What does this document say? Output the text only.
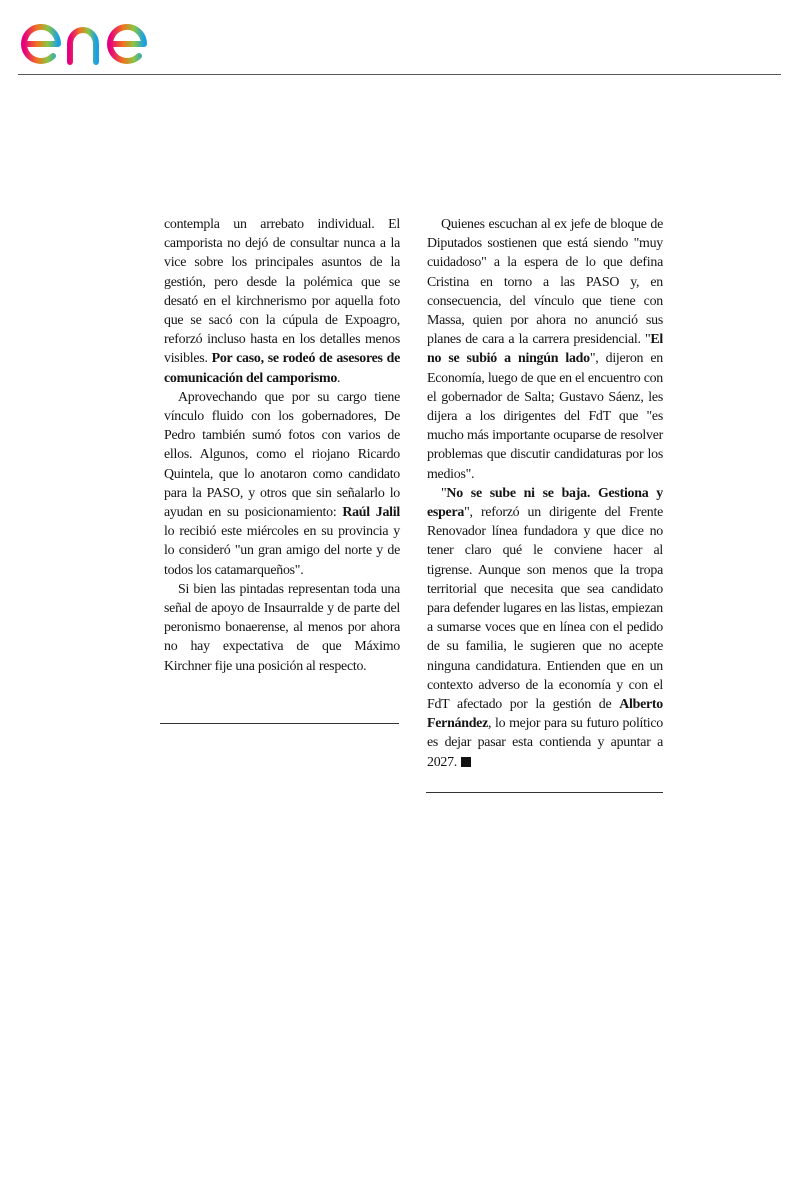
contempla un arrebato individual. El camporista no dejó de consultar nunca a la vice sobre los principales asuntos de la gestión, pero desde la polémica que se desató en el kirchnerismo por aquella foto que se sacó con la cúpula de Expoagro, reforzó incluso hasta en los detalles menos visibles. Por caso, se rodeó de asesores de comunicación del camporismo.

Aprovechando que por su cargo tiene vínculo fluido con los gobernadores, De Pedro también sumó fotos con varios de ellos. Algunos, como el riojano Ricardo Quintela, que lo anotaron como candidato para la PASO, y otros que sin señalarlo lo ayudan en su posicionamiento: Raúl Jalil lo recibió este miércoles en su provincia y lo consideró "un gran amigo del norte y de todos los catamarqueños".

Si bien las pintadas representan toda una señal de apoyo de Insaurralde y de parte del peronismo bonaerense, al menos por ahora no hay expectativa de que Máximo Kirchner fije una posición al respecto.

Quienes escuchan al ex jefe de bloque de Diputados sostienen que está siendo "muy cuidadoso" a la espera de lo que defina Cristina en torno a las PASO y, en consecuencia, del vínculo que tiene con Massa, quien por ahora no anunció sus planes de cara a la carrera presidencial. "El no se subió a ningún lado", dijeron en Economía, luego de que en el encuentro con el gobernador de Salta; Gustavo Sáenz, les dijera a los dirigentes del FdT que "es mucho más importante ocuparse de resolver problemas que discutir candidaturas por los medios".

"No se sube ni se baja. Gestiona y espera", reforzó un dirigente del Frente Renovador línea fundadora y que dice no tener claro qué le conviene hacer al tigrense. Aunque son menos que la tropa territorial que necesita que sea candidato para defender lugares en las listas, empiezan a sumarse voces que en línea con el pedido de su familia, le sugieren que no acepte ninguna candidatura. Entienden que en un contexto adverso de la economía y con el FdT afectado por la gestión de Alberto Fernández, lo mejor para su futuro político es dejar pasar esta contienda y apuntar a 2027.
